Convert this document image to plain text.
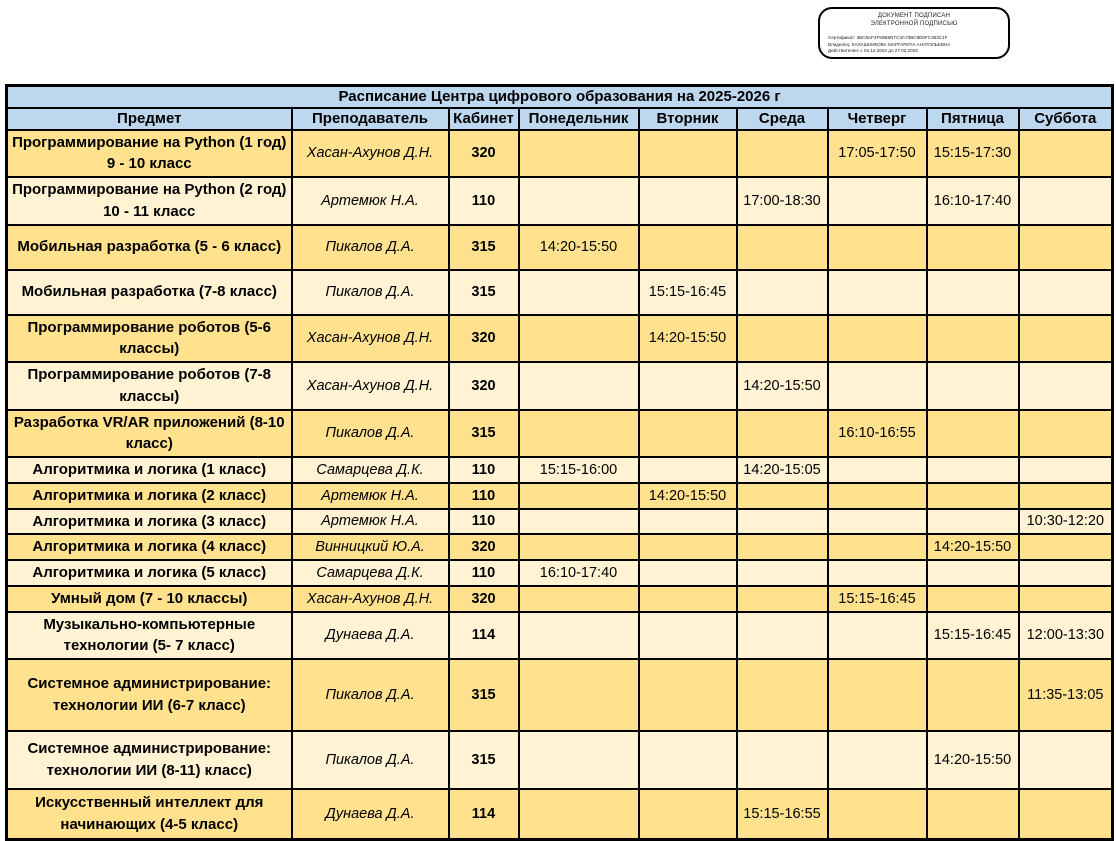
ДОКУМЕНТ ПОДПИСАН
ЭЛЕКТРОННОЙ ПОДПИСЬЮ
Сертификат: 3BC8AF4F80B8NTC3A73BC8D0FC383C1F
Владелец: КАЛАШНИКОВА МАРГАРИТА АНАТОЛЬЕВНА
Действителен: с 04.12.2024 до 27.02.2026
Расписание Центра цифрового образования на 2025-2026 г								
Предмет	Преподаватель	Кабинет	Понедельник	Вторник	Среда	Четверг	Пятница	Суббота
Программирование на Python (1 год) 9 - 10 класс	Хасан-Ахунов Д.Н.	320				17:05-17:50	15:15-17:30	
Программирование на Python (2 год) 10 - 11 класс	Артемюк Н.А.	110			17:00-18:30		16:10-17:40	
Мобильная разработка (5 - 6 класс)	Пикалов Д.А.	315	14:20-15:50					
Мобильная разработка (7-8 класс)	Пикалов Д.А.	315		15:15-16:45				
Программирование роботов (5-6 классы)	Хасан-Ахунов Д.Н.	320		14:20-15:50				
Программирование роботов (7-8 классы)	Хасан-Ахунов Д.Н.	320			14:20-15:50			
Разработка VR/AR приложений (8-10 класс)	Пикалов Д.А.	315				16:10-16:55		
Алгоритмика и логика (1 класс)	Самарцева Д.К.	110	15:15-16:00		14:20-15:05			
Алгоритмика и логика (2 класс)	Артемюк Н.А.	110		14:20-15:50				
Алгоритмика и логика (3 класс)	Артемюк Н.А.	110						10:30-12:20
Алгоритмика и логика (4 класс)	Винницкий Ю.А.	320					14:20-15:50	
Алгоритмика и логика (5 класс)	Самарцева Д.К.	110	16:10-17:40					
Умный дом (7 - 10 классы)	Хасан-Ахунов Д.Н.	320				15:15-16:45		
Музыкально-компьютерные технологии (5- 7 класс)	Дунаева Д.А.	114					15:15-16:45	12:00-13:30
Системное администрирование: технологии ИИ (6-7 класс)	Пикалов Д.А.	315						11:35-13:05
Системное администрирование: технологии ИИ (8-11) класс)	Пикалов Д.А.	315					14:20-15:50	
Искусственный интеллект для начинающих (4-5 класс)	Дунаева Д.А.	114			15:15-16:55			
